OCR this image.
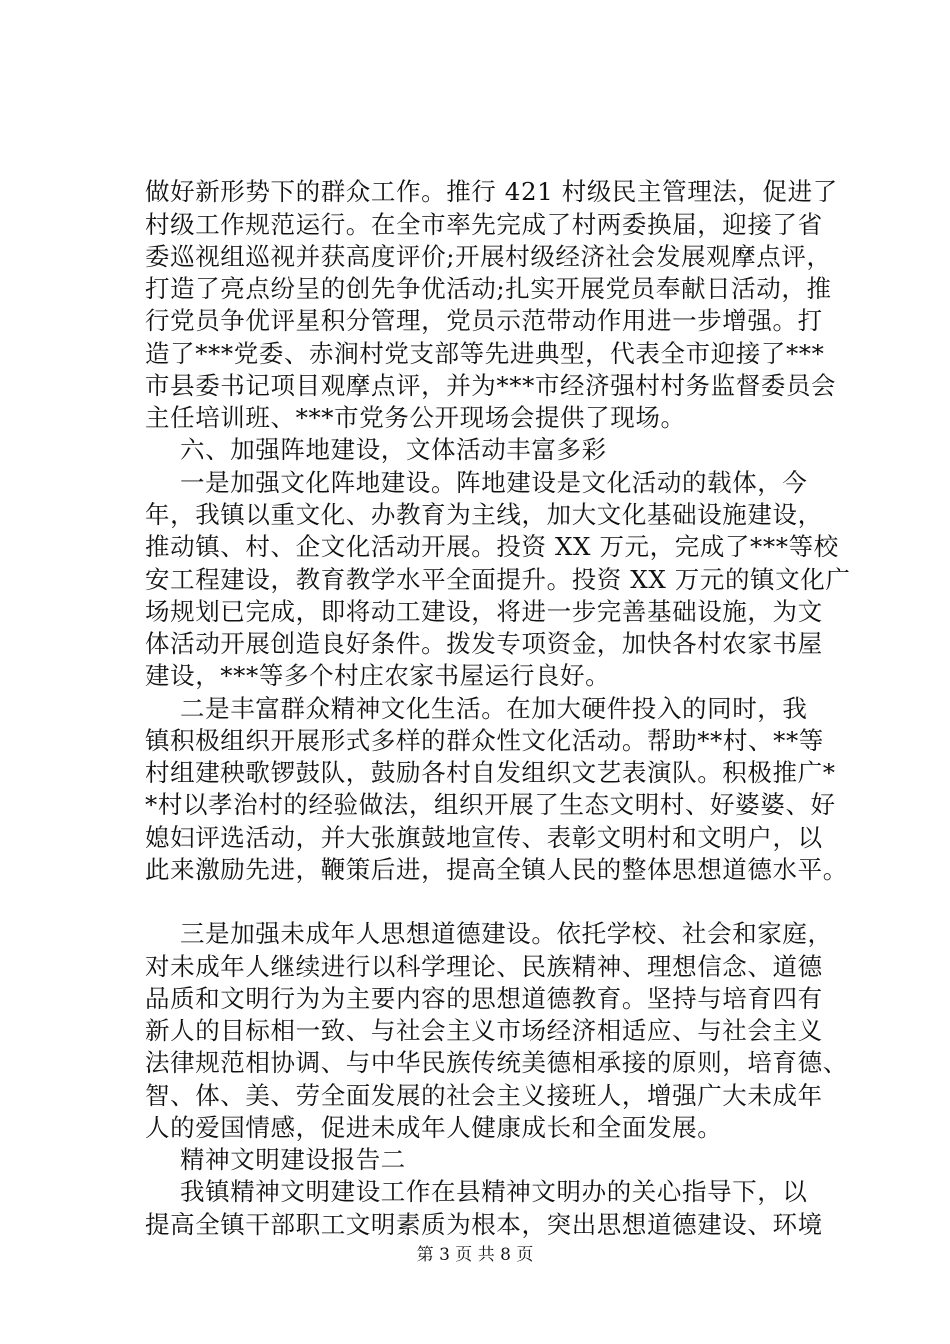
做好新形势下的群众工作。推行 421 村级民主管理法，促进了
村级工作规范运行。在全市率先完成了村两委换届，迎接了省
委巡视组巡视并获高度评价;开展村级经济社会发展观摩点评，
打造了亮点纷呈的创先争优活动;扎实开展党员奉献日活动，推
行党员争优评星积分管理，党员示范带动作用进一步增强。打
造了***党委、赤涧村党支部等先进典型，代表全市迎接了***
市县委书记项目观摩点评，并为***市经济强村村务监督委员会
主任培训班、***市党务公开现场会提供了现场。
六、加强阵地建设，文体活动丰富多彩
一是加强文化阵地建设。阵地建设是文化活动的载体，今
年，我镇以重文化、办教育为主线，加大文化基础设施建设，
推动镇、村、企文化活动开展。投资 XX 万元，完成了***等校
安工程建设，教育教学水平全面提升。投资 XX 万元的镇文化广
场规划已完成，即将动工建设，将进一步完善基础设施，为文
体活动开展创造良好条件。拨发专项资金，加快各村农家书屋
建设，***等多个村庄农家书屋运行良好。
二是丰富群众精神文化生活。在加大硬件投入的同时，我
镇积极组织开展形式多样的群众性文化活动。帮助**村、**等
村组建秧歌锣鼓队，鼓励各村自发组织文艺表演队。积极推广*
*村以孝治村的经验做法，组织开展了生态文明村、好婆婆、好
媳妇评选活动，并大张旗鼓地宣传、表彰文明村和文明户，以
此来激励先进，鞭策后进，提高全镇人民的整体思想道德水平。
三是加强未成年人思想道德建设。依托学校、社会和家庭，
对未成年人继续进行以科学理论、民族精神、理想信念、道德
品质和文明行为为主要内容的思想道德教育。坚持与培育四有
新人的目标相一致、与社会主义市场经济相适应、与社会主义
法律规范相协调、与中华民族传统美德相承接的原则，培育德、
智、体、美、劳全面发展的社会主义接班人，增强广大未成年
人的爱国情感，促进未成年人健康成长和全面发展。
精神文明建设报告二
我镇精神文明建设工作在县精神文明办的关心指导下，以
提高全镇干部职工文明素质为根本，突出思想道德建设、环境
第 3 页 共 8 页
